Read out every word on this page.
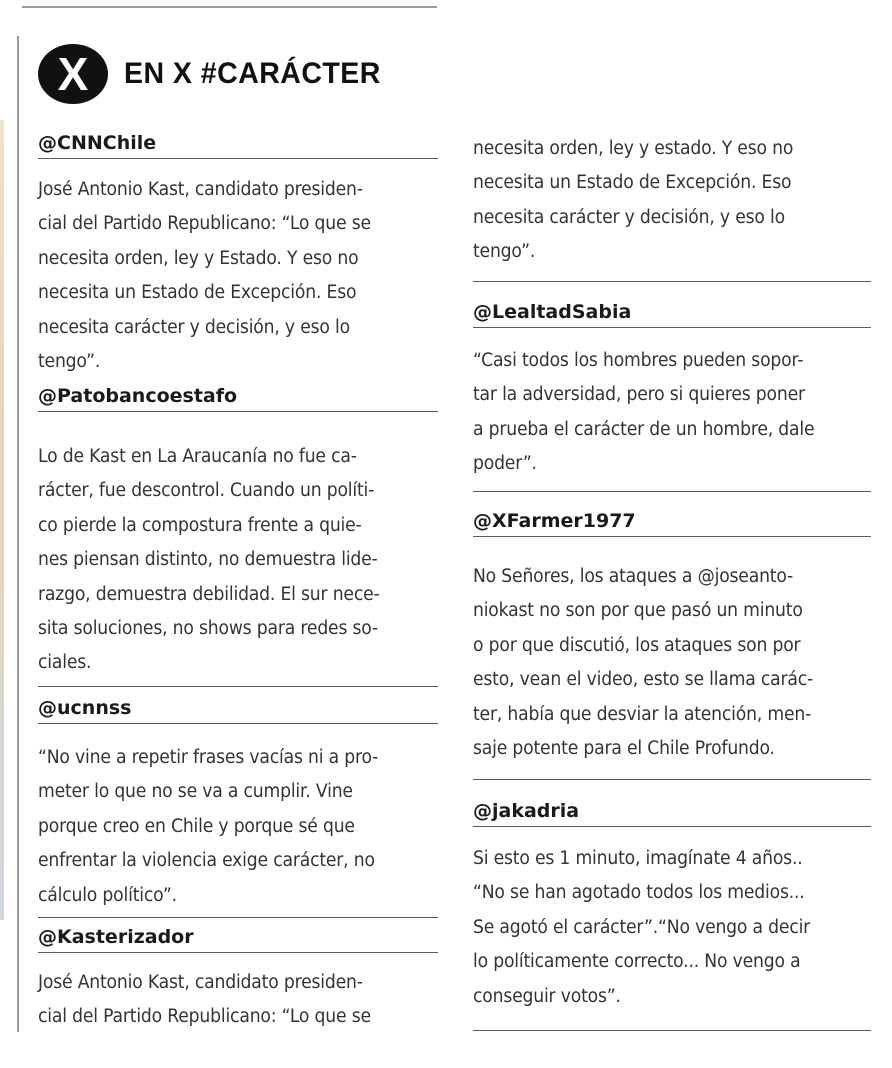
X	EN X #CARÁCTER
@CNNChile
José Antonio Kast, candidato presiden-
cial del Partido Republicano: “Lo que se
necesita orden, ley y Estado. Y eso no
necesita un Estado de Excepción. Eso
necesita carácter y decisión, y eso lo
tengo”.
@Patobancoestafo
Lo de Kast en La Araucanía no fue ca-
rácter, fue descontrol. Cuando un políti-
co pierde la compostura frente a quie-
nes piensan distinto, no demuestra lide-
razgo, demuestra debilidad. El sur nece-
sita soluciones, no shows para redes so-
ciales.
@ucnnss
“No vine a repetir frases vacías ni a pro-
meter lo que no se va a cumplir. Vine
porque creo en Chile y porque sé que
enfrentar la violencia exige carácter, no
cálculo político”.
@Kasterizador
José Antonio Kast, candidato presiden-
cial del Partido Republicano: “Lo que se
necesita orden, ley y estado. Y eso no
necesita un Estado de Excepción. Eso
necesita carácter y decisión, y eso lo
tengo”.
@LealtadSabia
“Casi todos los hombres pueden sopor-
tar la adversidad, pero si quieres poner
a prueba el carácter de un hombre, dale
poder”.
@XFarmer1977
No Señores, los ataques a @joseanto-
niokast no son por que pasó un minuto
o por que discutió, los ataques son por
esto, vean el video, esto se llama carác-
ter, había que desviar la atención, men-
saje potente para el Chile Profundo.
@jakadria
Si esto es 1 minuto, imagínate 4 años..
“No se han agotado todos los medios...
Se agotó el carácter”.“No vengo a decir
lo políticamente correcto... No vengo a
conseguir votos”.
